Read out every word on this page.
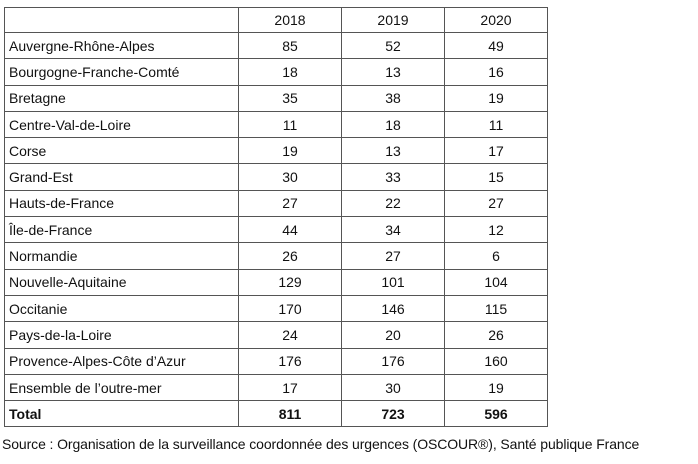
	2018	2019	2020
Auvergne-Rhône-Alpes	85	52	49
Bourgogne-Franche-Comté	18	13	16
Bretagne	35	38	19
Centre-Val-de-Loire	11	18	11
Corse	19	13	17
Grand-Est	30	33	15
Hauts-de-France	27	22	27
Île-de-France	44	34	12
Normandie	26	27	6
Nouvelle-Aquitaine	129	101	104
Occitanie	170	146	115
Pays-de-la-Loire	24	20	26
Provence-Alpes-Côte d’Azur	176	176	160
Ensemble de l’outre-mer	17	30	19
Total	811	723	596
Source : Organisation de la surveillance coordonnée des urgences (OSCOUR®), Santé publique France
